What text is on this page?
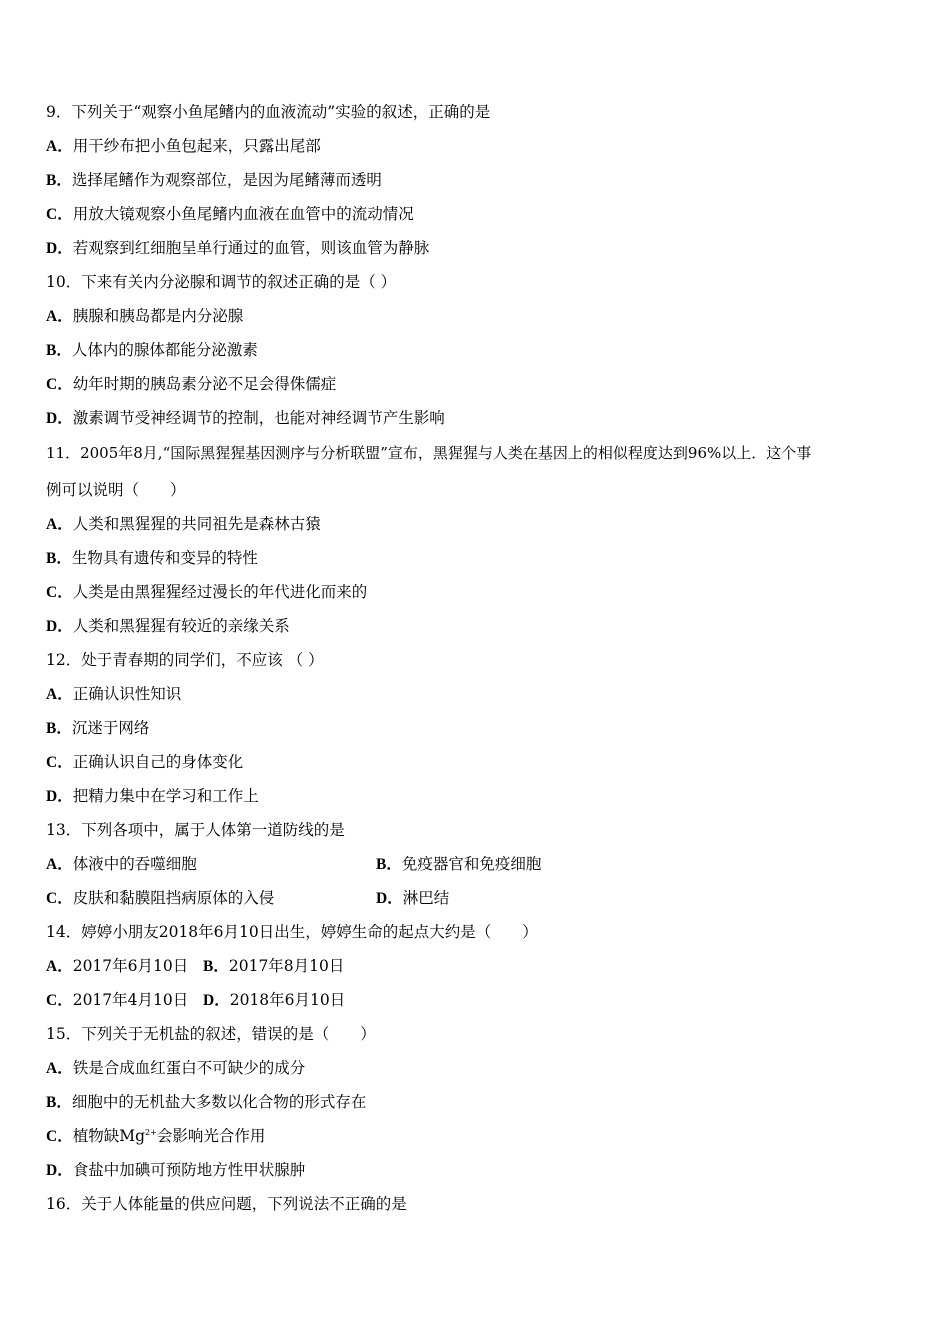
9．下列关于“观察小鱼尾鳍内的血液流动”实验的叙述，正确的是
A．用干纱布把小鱼包起来，只露出尾部
B．选择尾鳍作为观察部位，是因为尾鳍薄而透明
C．用放大镜观察小鱼尾鳍内血液在血管中的流动情况
D．若观察到红细胞呈单行通过的血管，则该血管为静脉
10．下来有关内分泌腺和调节的叙述正确的是（ ）
A．胰腺和胰岛都是内分泌腺
B．人体内的腺体都能分泌激素
C．幼年时期的胰岛素分泌不足会得侏儒症
D．激素调节受神经调节的控制，也能对神经调节产生影响
11．2005年8月,“国际黑猩猩基因测序与分析联盟”宣布，黑猩猩与人类在基因上的相似程度达到96%以上．这个事
例可以说明（　　）
A．人类和黑猩猩的共同祖先是森林古猿
B．生物具有遗传和变异的特性
C．人类是由黑猩猩经过漫长的年代进化而来的
D．人类和黑猩猩有较近的亲缘关系
12．处于青春期的同学们，不应该 （ ）
A．正确认识性知识
B．沉迷于网络
C．正确认识自己的身体变化
D．把精力集中在学习和工作上
13．下列各项中，属于人体第一道防线的是
A．体液中的吞噬细胞	B．免疫器官和免疫细胞
C．皮肤和黏膜阻挡病原体的入侵	D．淋巴结
14．婷婷小朋友2018年6月10日出生，婷婷生命的起点大约是（　　）
A．2017年6月10日 B．2017年8月10日
C．2017年4月10日 D．2018年6月10日
15．下列关于无机盐的叙述，错误的是（　　）
A．铁是合成血红蛋白不可缺少的成分
B．细胞中的无机盐大多数以化合物的形式存在
C．植物缺$Mg^{2+}$会影响光合作用
D．食盐中加碘可预防地方性甲状腺肿
16．关于人体能量的供应问题，下列说法不正确的是
